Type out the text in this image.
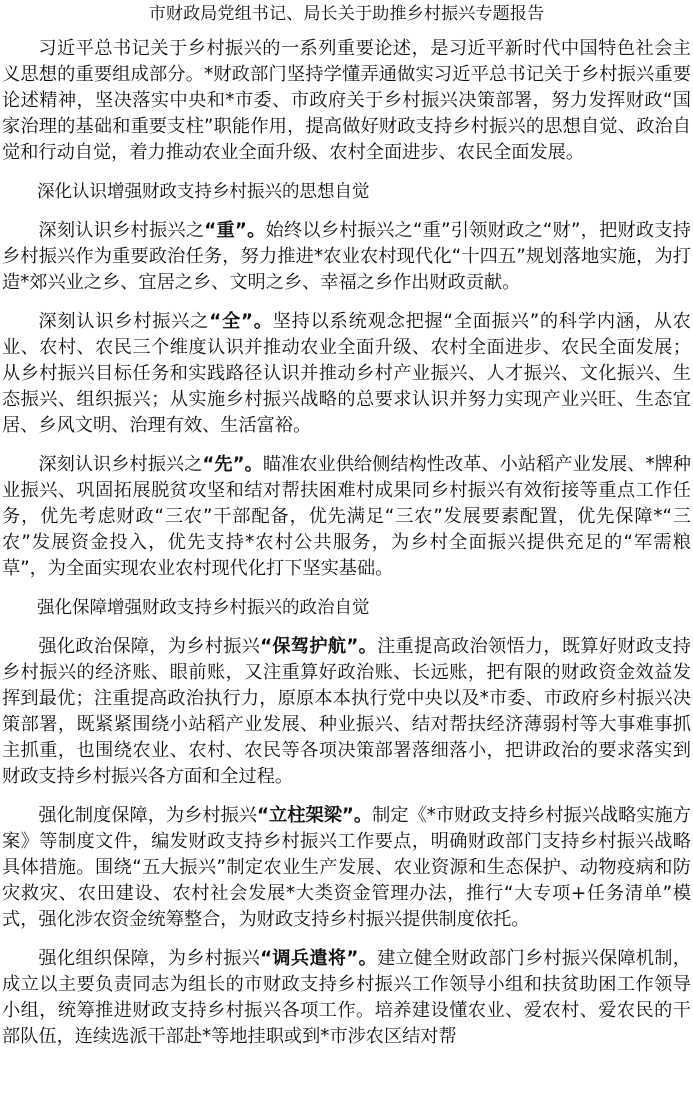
市财政局党组书记、局长关于助推乡村振兴专题报告

习近平总书记关于乡村振兴的一系列重要论述，是习近平新时代中国特色社会主义思想的重要组成部分。*财政部门坚持学懂弄通做实习近平总书记关于乡村振兴重要论述精神，坚决落实中央和*市委、市政府关于乡村振兴决策部署，努力发挥财政“国家治理的基础和重要支柱”职能作用，提高做好财政支持乡村振兴的思想自觉、政治自觉和行动自觉，着力推动农业全面升级、农村全面进步、农民全面发展。

深化认识增强财政支持乡村振兴的思想自觉

深刻认识乡村振兴之“重”。始终以乡村振兴之“重”引领财政之“财”，把财政支持乡村振兴作为重要政治任务，努力推进*农业农村现代化“十四五”规划落地实施，为打造*郊兴业之乡、宜居之乡、文明之乡、幸福之乡作出财政贡献。

深刻认识乡村振兴之“全”。坚持以系统观念把握“全面振兴”的科学内涵，从农业、农村、农民三个维度认识并推动农业全面升级、农村全面进步、农民全面发展；从乡村振兴目标任务和实践路径认识并推动乡村产业振兴、人才振兴、文化振兴、生态振兴、组织振兴；从实施乡村振兴战略的总要求认识并努力实现产业兴旺、生态宜居、乡风文明、治理有效、生活富裕。

深刻认识乡村振兴之“先”。瞄准农业供给侧结构性改革、小站稻产业发展、*牌种业振兴、巩固拓展脱贫攻坚和结对帮扶困难村成果同乡村振兴有效衔接等重点工作任务，优先考虑财政“三农”干部配备，优先满足“三农”发展要素配置，优先保障*“三农”发展资金投入，优先支持*农村公共服务，为乡村全面振兴提供充足的“军需粮草”，为全面实现农业农村现代化打下坚实基础。

强化保障增强财政支持乡村振兴的政治自觉

强化政治保障，为乡村振兴“保驾护航”。注重提高政治领悟力，既算好财政支持乡村振兴的经济账、眼前账，又注重算好政治账、长远账，把有限的财政资金效益发挥到最优；注重提高政治执行力，原原本本执行党中央以及*市委、市政府乡村振兴决策部署，既紧紧围绕小站稻产业发展、种业振兴、结对帮扶经济薄弱村等大事难事抓主抓重，也围绕农业、农村、农民等各项决策部署落细落小，把讲政治的要求落实到财政支持乡村振兴各方面和全过程。

强化制度保障，为乡村振兴“立柱架梁”。制定《*市财政支持乡村振兴战略实施方案》等制度文件，编发财政支持乡村振兴工作要点，明确财政部门支持乡村振兴战略具体措施。围绕“五大振兴”制定农业生产发展、农业资源和生态保护、动物疫病和防灾救灾、农田建设、农村社会发展*大类资金管理办法，推行“大专项+任务清单”模式，强化涉农资金统筹整合，为财政支持乡村振兴提供制度依托。

强化组织保障，为乡村振兴“调兵遣将”。建立健全财政部门乡村振兴保障机制，成立以主要负责同志为组长的市财政支持乡村振兴工作领导小组和扶贫助困工作领导小组，统筹推进财政支持乡村振兴各项工作。培养建设懂农业、爱农村、爱农民的干部队伍，连续选派干部赴*等地挂职或到*市涉农区结对帮
